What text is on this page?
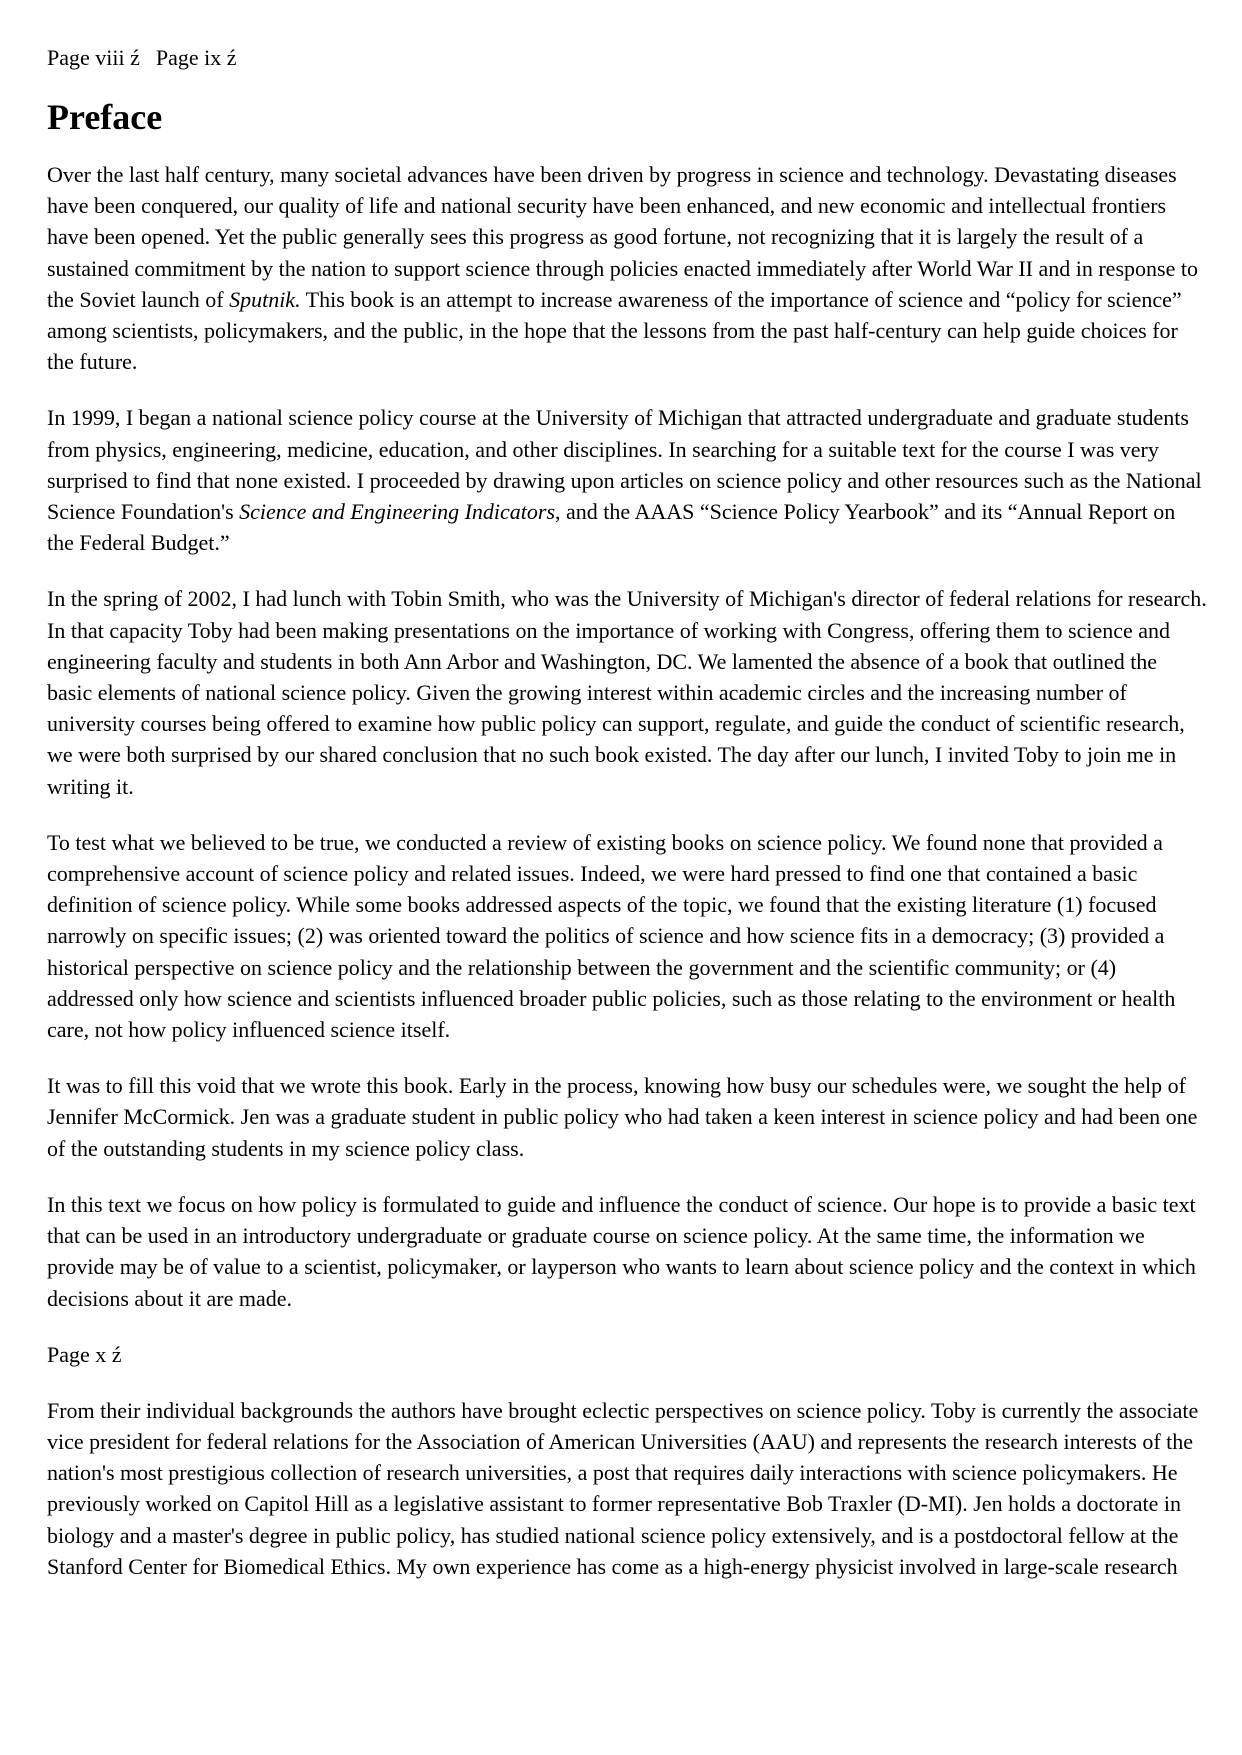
Page viii ź Page ix ź
Preface

Over the last half century, many societal advances have been driven by progress in science and technology. Devastating diseases have been conquered, our quality of life and national security have been enhanced, and new economic and intellectual frontiers have been opened. Yet the public generally sees this progress as good fortune, not recognizing that it is largely the result of a sustained commitment by the nation to support science through policies enacted immediately after World War II and in response to the Soviet launch of Sputnik. This book is an attempt to increase awareness of the importance of science and “policy for science” among scientists, policymakers, and the public, in the hope that the lessons from the past half-century can help guide choices for the future.

In 1999, I began a national science policy course at the University of Michigan that attracted undergraduate and graduate students from physics, engineering, medicine, education, and other disciplines. In searching for a suitable text for the course I was very surprised to find that none existed. I proceeded by drawing upon articles on science policy and other resources such as the National Science Foundation's Science and Engineering Indicators, and the AAAS “Science Policy Yearbook” and its “Annual Report on the Federal Budget.”

In the spring of 2002, I had lunch with Tobin Smith, who was the University of Michigan's director of federal relations for research. In that capacity Toby had been making presentations on the importance of working with Congress, offering them to science and engineering faculty and students in both Ann Arbor and Washington, DC. We lamented the absence of a book that outlined the basic elements of national science policy. Given the growing interest within academic circles and the increasing number of university courses being offered to examine how public policy can support, regulate, and guide the conduct of scientific research, we were both surprised by our shared conclusion that no such book existed. The day after our lunch, I invited Toby to join me in writing it.

To test what we believed to be true, we conducted a review of existing books on science policy. We found none that provided a comprehensive account of science policy and related issues. Indeed, we were hard pressed to find one that contained a basic definition of science policy. While some books addressed aspects of the topic, we found that the existing literature (1) focused narrowly on specific issues; (2) was oriented toward the politics of science and how science fits in a democracy; (3) provided a historical perspective on science policy and the relationship between the government and the scientific community; or (4) addressed only how science and scientists influenced broader public policies, such as those relating to the environment or health care, not how policy influenced science itself.

It was to fill this void that we wrote this book. Early in the process, knowing how busy our schedules were, we sought the help of Jennifer McCormick. Jen was a graduate student in public policy who had taken a keen interest in science policy and had been one of the outstanding students in my science policy class.

In this text we focus on how policy is formulated to guide and influence the conduct of science. Our hope is to provide a basic text that can be used in an introductory undergraduate or graduate course on science policy. At the same time, the information we provide may be of value to a scientist, policymaker, or layperson who wants to learn about science policy and the context in which decisions about it are made.

Page x ź

From their individual backgrounds the authors have brought eclectic perspectives on science policy. Toby is currently the associate vice president for federal relations for the Association of American Universities (AAU) and represents the research interests of the nation's most prestigious collection of research universities, a post that requires daily interactions with science policymakers. He previously worked on Capitol Hill as a legislative assistant to former representative Bob Traxler (D-MI). Jen holds a doctorate in biology and a master's degree in public policy, has studied national science policy extensively, and is a postdoctoral fellow at the Stanford Center for Biomedical Ethics. My own experience has come as a high-energy physicist involved in large-scale research
